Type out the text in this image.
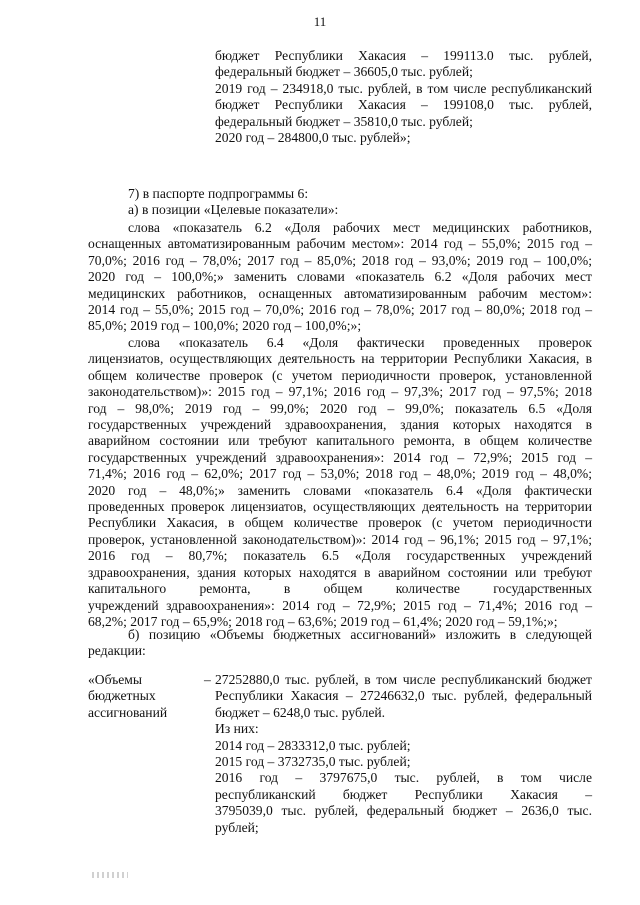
11
бюджет Республики Хакасия – 199113.0 тыс. рублей,
федеральный бюджет – 36605,0 тыс. рублей;
2019 год – 234918,0 тыс. рублей, в том числе республиканский
бюджет Республики Хакасия – 199108,0 тыс. рублей,
федеральный бюджет – 35810,0 тыс. рублей;
2020 год – 284800,0 тыс. рублей»;
7) в паспорте подпрограммы 6:
а) в позиции «Целевые показатели»:
слова «показатель 6.2 «Доля рабочих мест медицинских работников,
оснащенных автоматизированным рабочим местом»: 2014 год – 55,0%; 2015 год –
70,0%; 2016 год – 78,0%; 2017 год – 85,0%; 2018 год – 93,0%; 2019 год – 100,0%;
2020 год – 100,0%;» заменить словами «показатель 6.2 «Доля рабочих мест
медицинских работников, оснащенных автоматизированным рабочим местом»:
2014 год – 55,0%; 2015 год – 70,0%; 2016 год – 78,0%; 2017 год – 80,0%; 2018 год –
85,0%; 2019 год – 100,0%; 2020 год – 100,0%;»;
слова «показатель 6.4 «Доля фактически проведенных проверок
лицензиатов, осуществляющих деятельность на территории Республики Хакасия, в
общем количестве проверок (с учетом периодичности проверок, установленной
законодательством)»: 2015 год – 97,1%; 2016 год – 97,3%; 2017 год – 97,5%; 2018
год – 98,0%; 2019 год – 99,0%; 2020 год – 99,0%; показатель 6.5 «Доля
государственных учреждений здравоохранения, здания которых находятся в
аварийном состоянии или требуют капитального ремонта, в общем количестве
государственных учреждений здравоохранения»: 2014 год – 72,9%; 2015 год –
71,4%; 2016 год – 62,0%; 2017 год – 53,0%; 2018 год – 48,0%; 2019 год – 48,0%;
2020 год – 48,0%;» заменить словами «показатель 6.4 «Доля фактически
проведенных проверок лицензиатов, осуществляющих деятельность на территории
Республики Хакасия, в общем количестве проверок (с учетом периодичности
проверок, установленной законодательством)»: 2014 год – 96,1%; 2015 год – 97,1%;
2016 год – 80,7%; показатель 6.5 «Доля государственных учреждений
здравоохранения, здания которых находятся в аварийном состоянии или требуют
капитального ремонта, в общем количестве государственных
учреждений здравоохранения»: 2014 год – 72,9%; 2015 год – 71,4%; 2016 год –
68,2%; 2017 год – 65,9%; 2018 год – 63,6%; 2019 год – 61,4%; 2020 год – 59,1%;»;
б) позицию «Объемы бюджетных ассигнований» изложить в следующей
редакции:
«Объемы
бюджетных
ассигнований
– 27252880,0 тыс. рублей, в том числе республиканский бюджет
Республики Хакасия – 27246632,0 тыс. рублей, федеральный
бюджет – 6248,0 тыс. рублей.
Из них:
2014 год – 2833312,0 тыс. рублей;
2015 год – 3732735,0 тыс. рублей;
2016 год – 3797675,0 тыс. рублей, в том числе
республиканский бюджет Республики Хакасия –
3795039,0 тыс. рублей, федеральный бюджет – 2636,0 тыс.
рублей;
